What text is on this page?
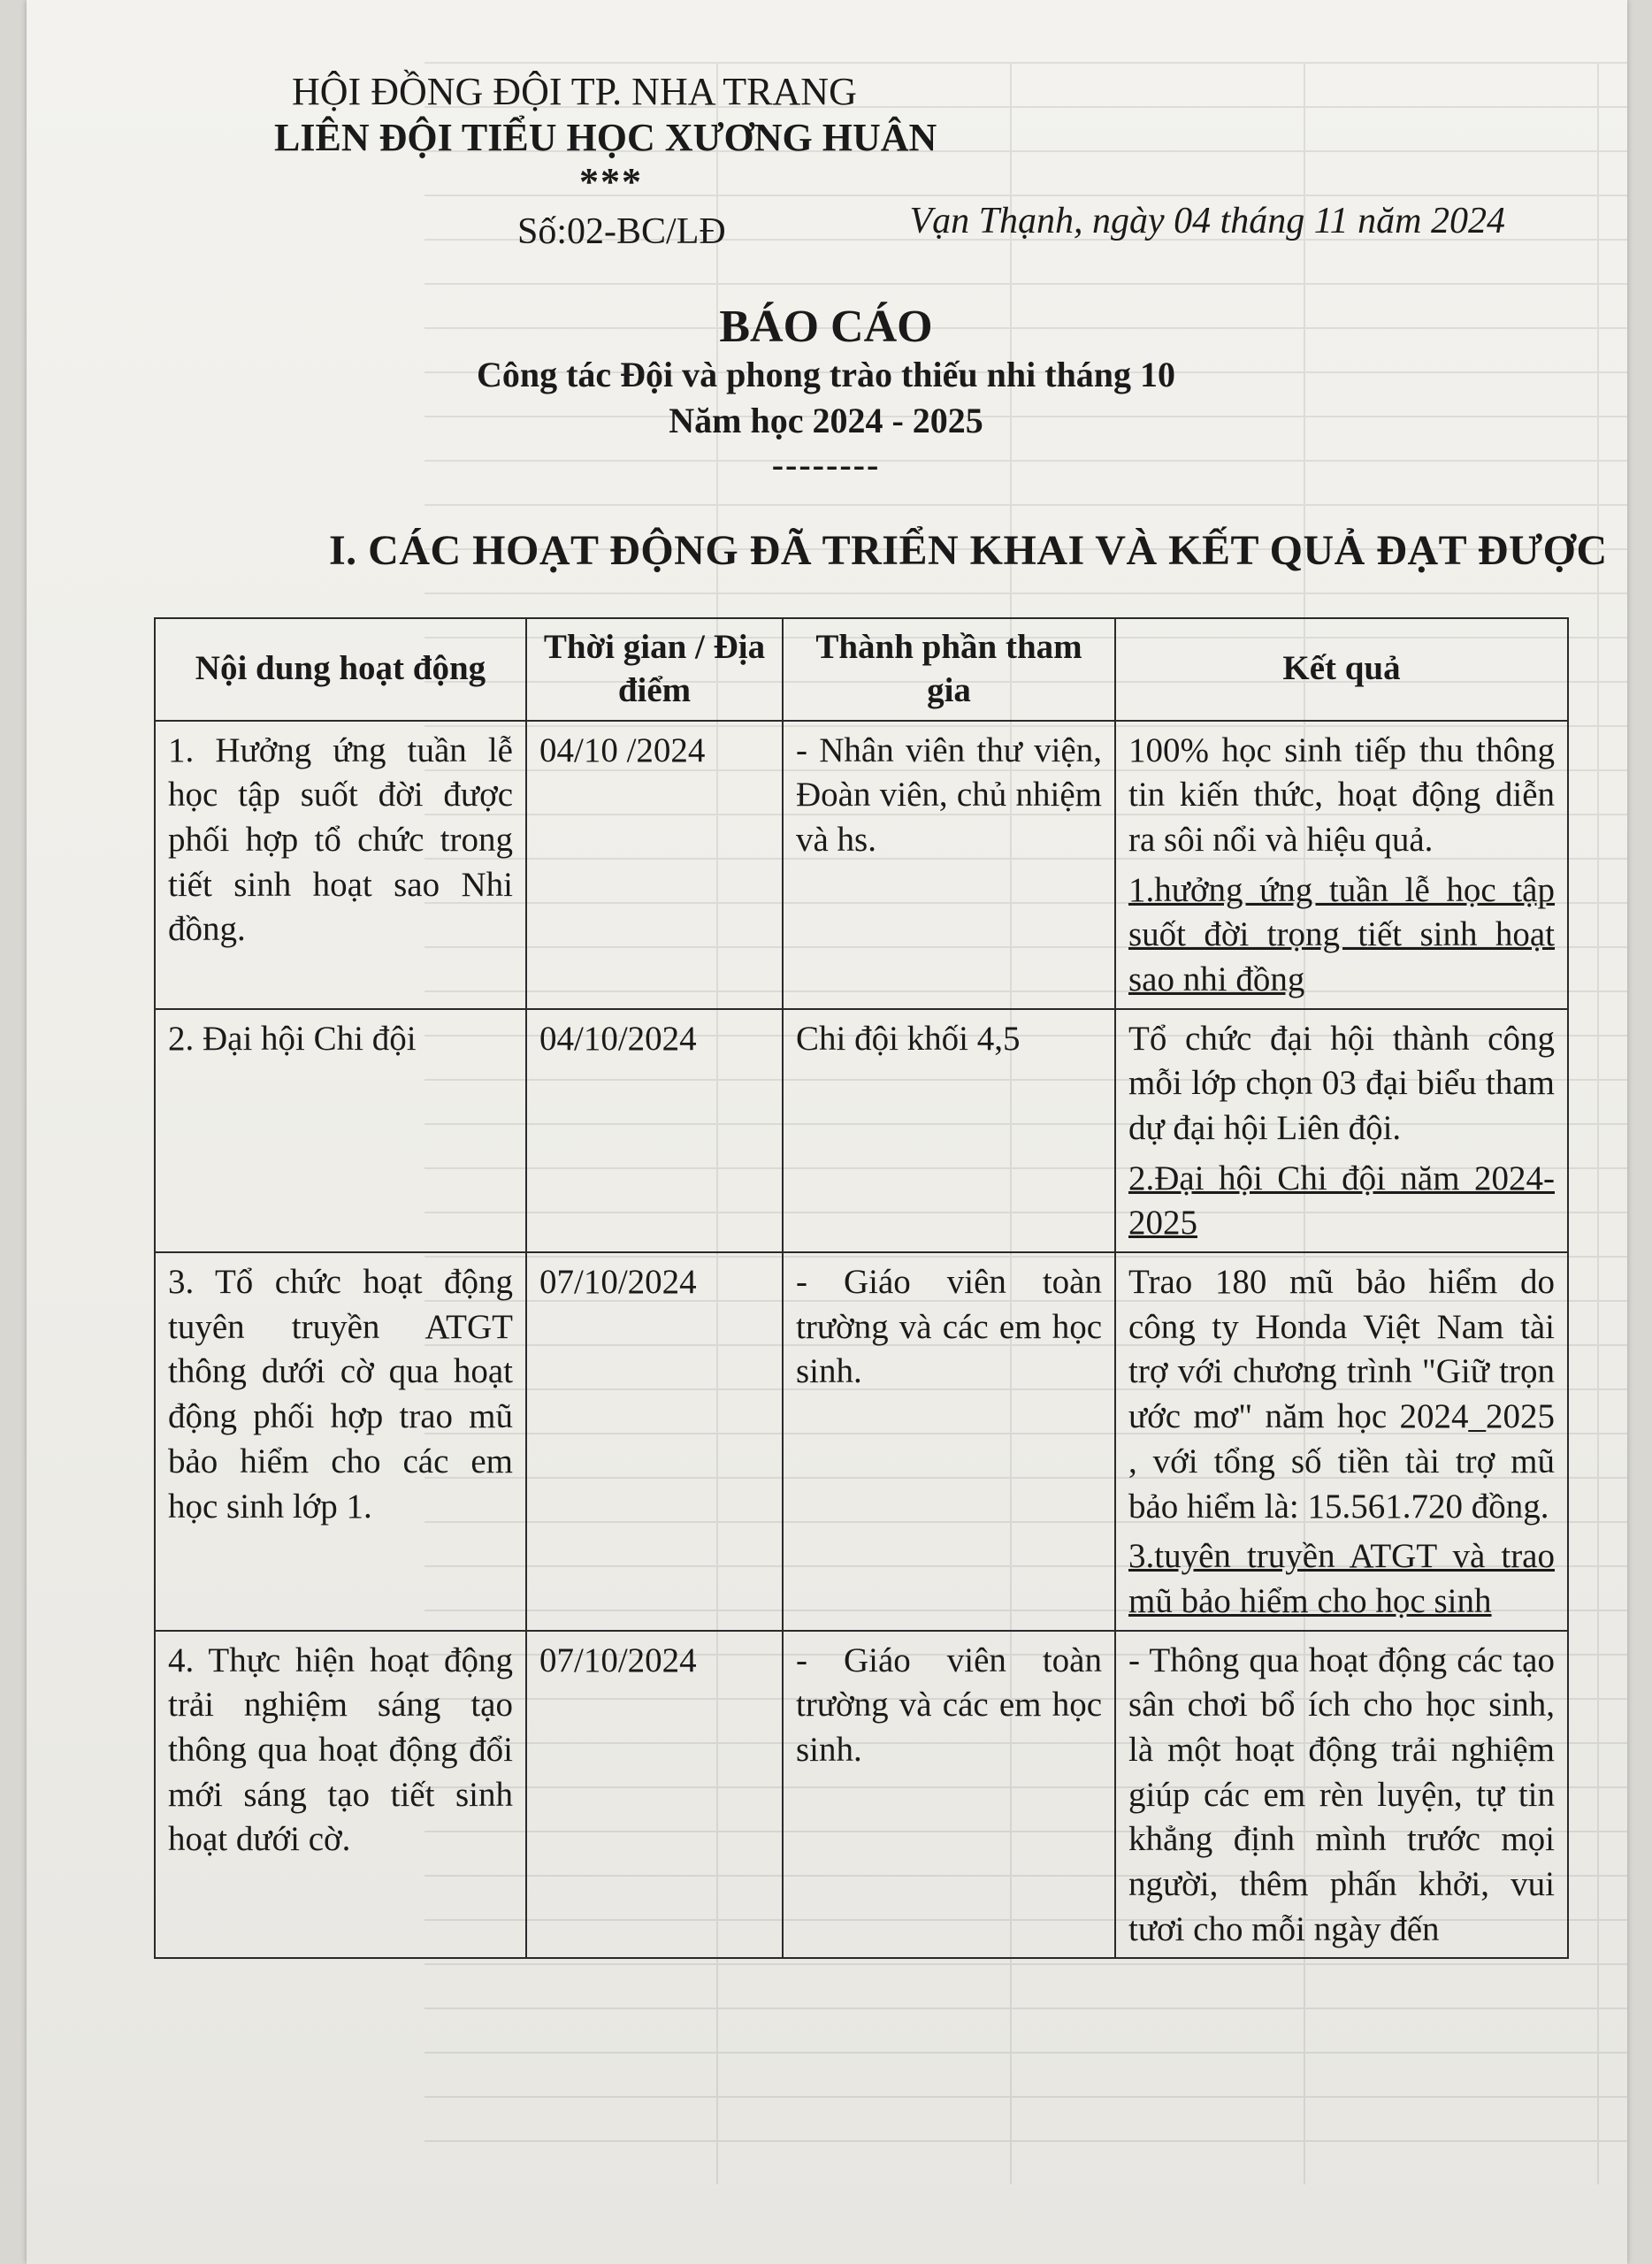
HỘI ĐỒNG ĐỘI TP. NHA TRANG
LIÊN ĐỘI TIỂU HỌC XƯƠNG HUÂN
***
Số:02-BC/LĐ	Vạn Thạnh, ngày 04 tháng 11 năm 2024
BÁO CÁO
Công tác Đội và phong trào thiếu nhi tháng 10
Năm học 2024 - 2025
--------
I. CÁC HOẠT ĐỘNG ĐÃ TRIỂN KHAI VÀ KẾT QUẢ ĐẠT ĐƯỢC
Nội dung hoạt động	Thời gian / Địa điểm	Thành phần tham gia	Kết quả
1. Hưởng ứng tuần lễ học tập suốt đời được phối hợp tổ chức trong tiết sinh hoạt sao Nhi đồng.	04/10 /2024	- Nhân viên thư viện, Đoàn viên, chủ nhiệm và hs.	100% học sinh tiếp thu thông tin kiến thức, hoạt động diễn ra sôi nổi và hiệu quả.
1.hưởng ứng tuần lễ học tập suốt đời trọng tiết sinh hoạt sao nhi đồng

2. Đại hội Chi đội	04/10/2024	Chi đội khối 4,5	Tổ chức đại hội thành công mỗi lớp chọn 03 đại biểu tham dự đại hội Liên đội.
2.Đại hội Chi đội năm 2024-2025

3. Tổ chức hoạt động tuyên truyền ATGT thông dưới cờ qua hoạt động phối hợp trao mũ bảo hiểm cho các em học sinh lớp 1.	07/10/2024	- Giáo viên toàn trường và các em học sinh.	Trao 180 mũ bảo hiểm do công ty Honda Việt Nam tài trợ với chương trình "Giữ trọn ước mơ" năm học 2024_2025 , với tổng số tiền tài trợ mũ bảo hiểm là: 15.561.720 đồng.
3.tuyên truyền ATGT và trao mũ bảo hiểm cho học sinh

4. Thực hiện hoạt động trải nghiệm sáng tạo thông qua hoạt động đổi mới sáng tạo tiết sinh hoạt dưới cờ.	07/10/2024	- Giáo viên toàn trường và các em học sinh.	- Thông qua hoạt động các tạo sân chơi bổ ích cho học sinh, là một hoạt động trải nghiệm giúp các em rèn luyện, tự tin khẳng định mình trước mọi người, thêm phấn khởi, vui tươi cho mỗi ngày đến
